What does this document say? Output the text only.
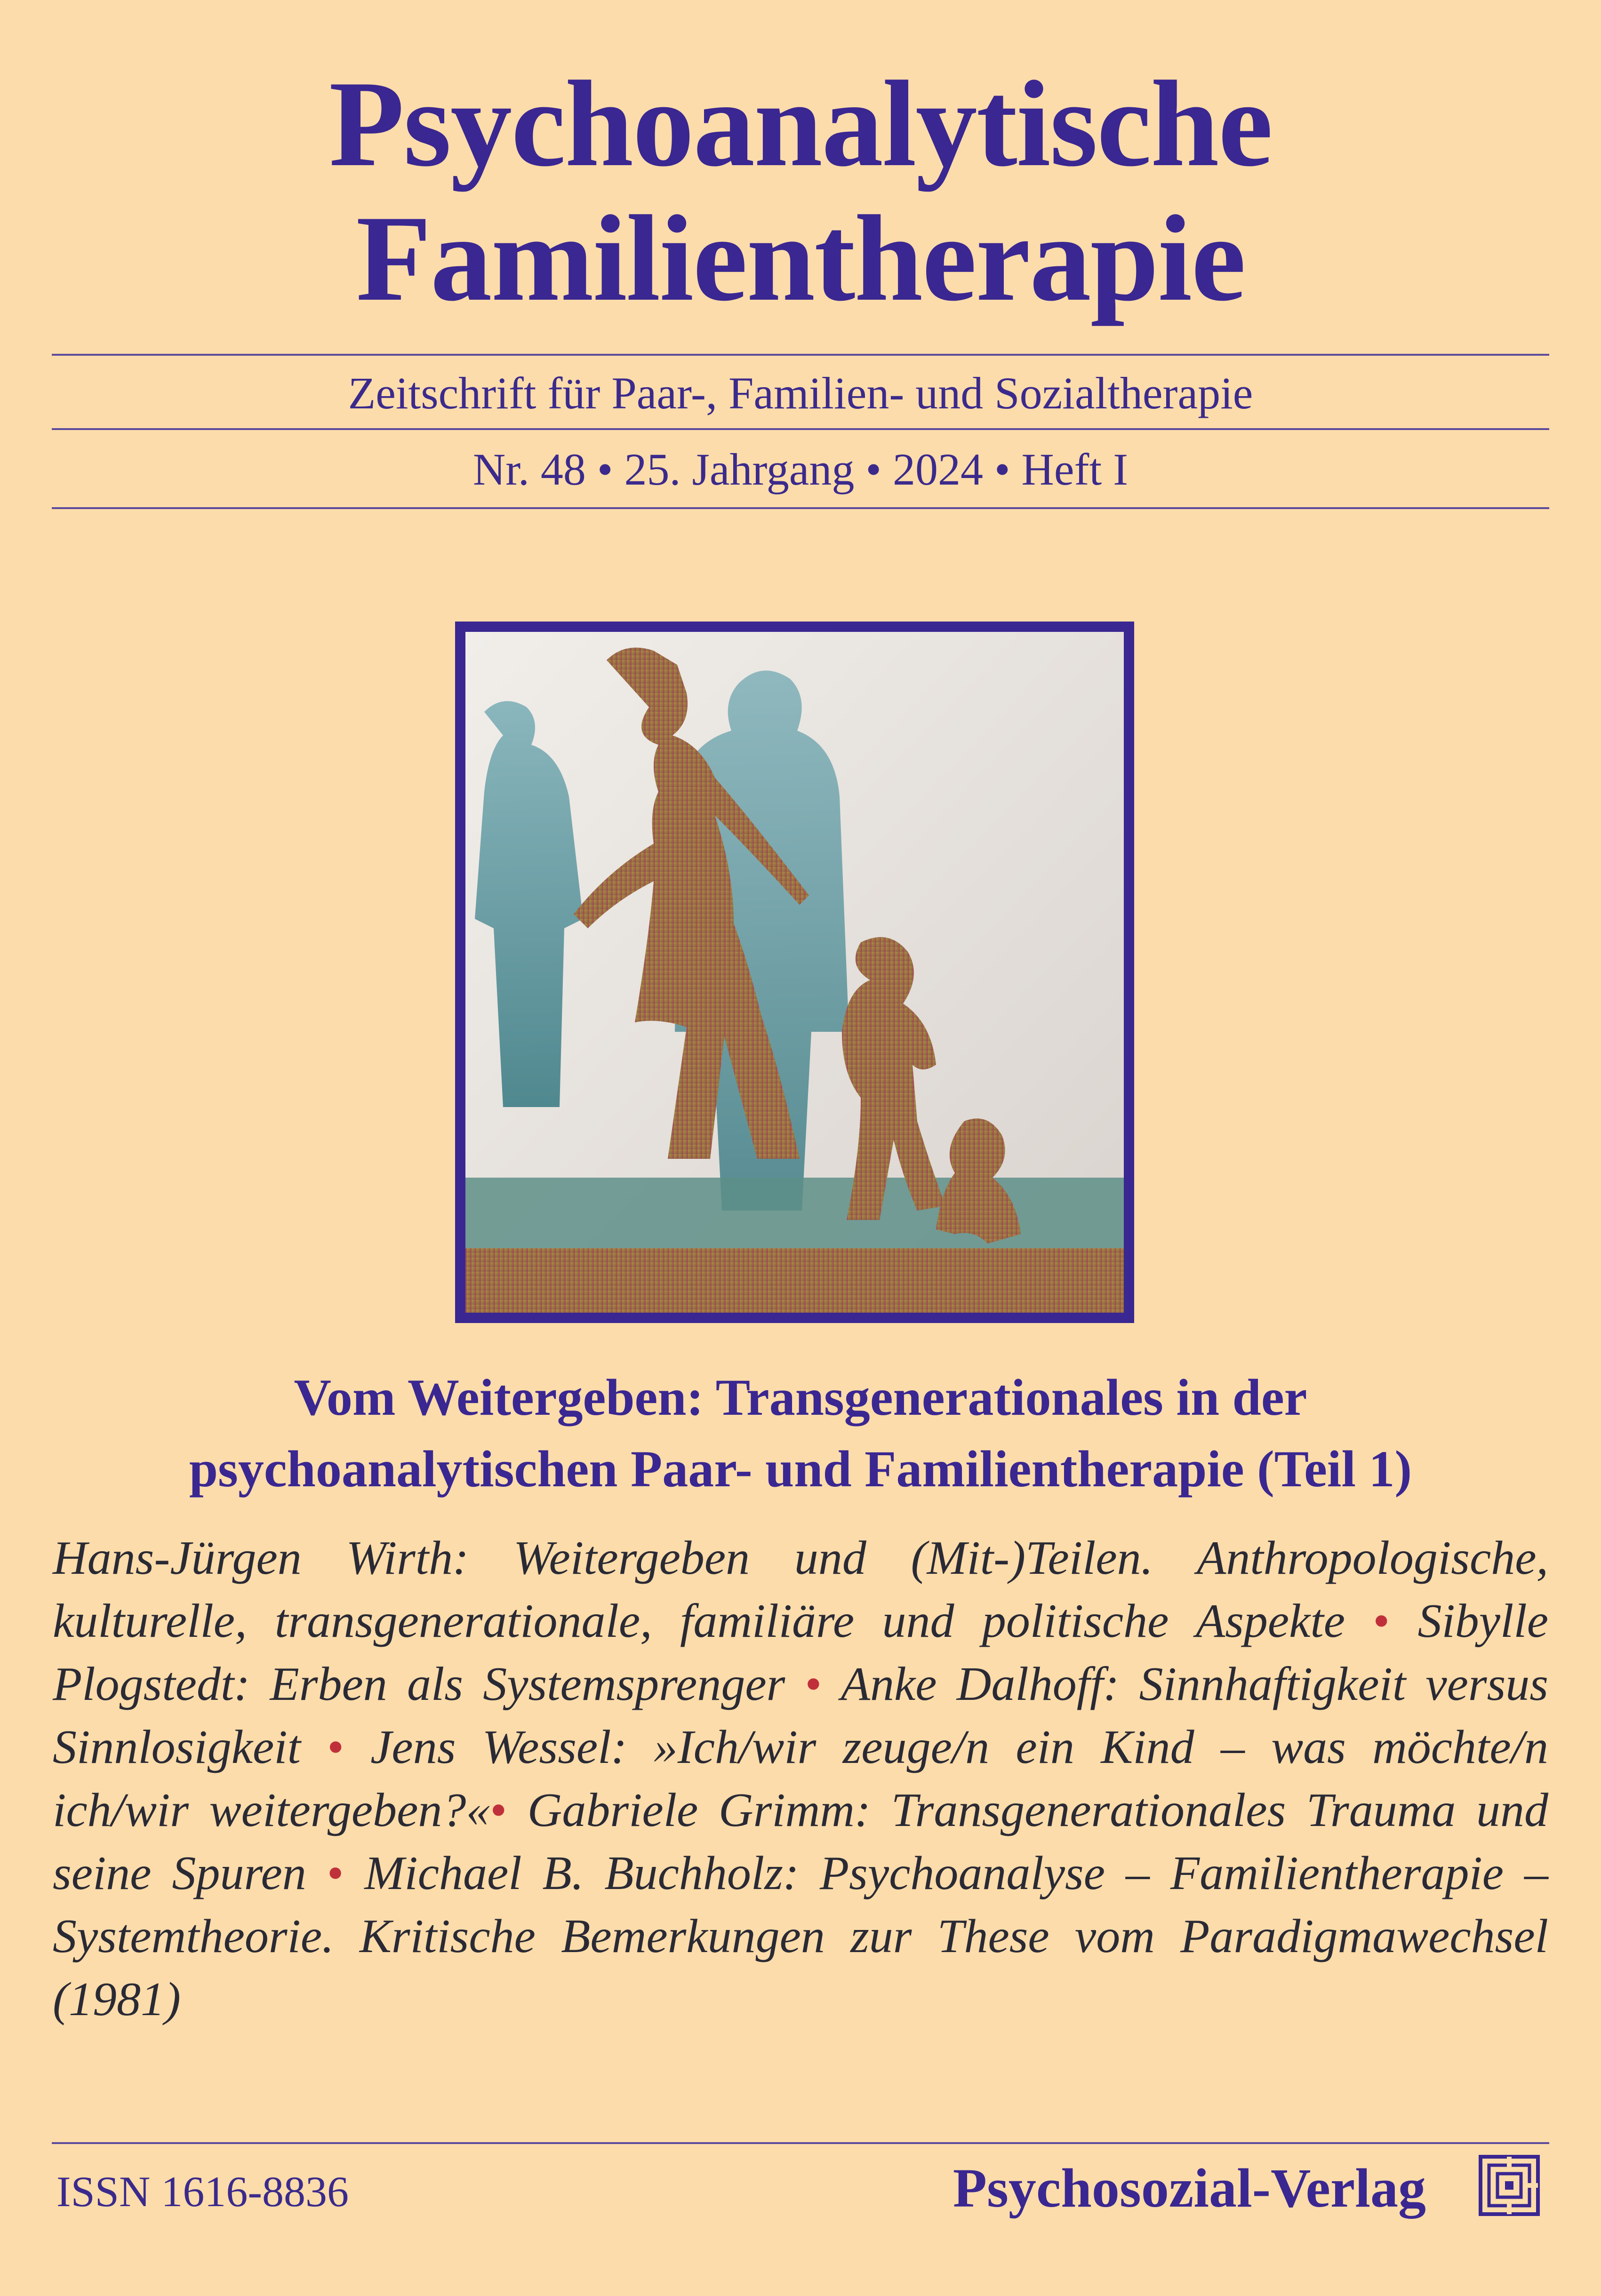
Psychoanalytische
Familientherapie
Zeitschrift für Paar-, Familien- und Sozialtherapie
Nr. 48 • 25. Jahrgang • 2024 • Heft I
Vom Weitergeben: Transgenerationales in der
psychoanalytischen Paar- und Familientherapie (Teil 1)
Hans-Jürgen Wirth: Weitergeben und (Mit-)Teilen. Anthropologische, kulturelle, transgenerationale, familiäre und politische Aspekte • Sibylle Plogstedt: Erben als Systemsprenger • Anke Dalhoff: Sinnhaftigkeit versus Sinnlosigkeit • Jens Wessel: »Ich/wir zeuge/n ein Kind – was möchte/n ich/wir weitergeben?«• Gabriele Grimm: Transgenerationales Trauma und seine Spuren • Michael B. Buchholz: Psychoanalyse – Familientherapie – Systemtheorie. Kritische Bemerkungen zur These vom Paradigmawechsel (1981)
ISSN 1616-8836	Psychosozial-Verlag
